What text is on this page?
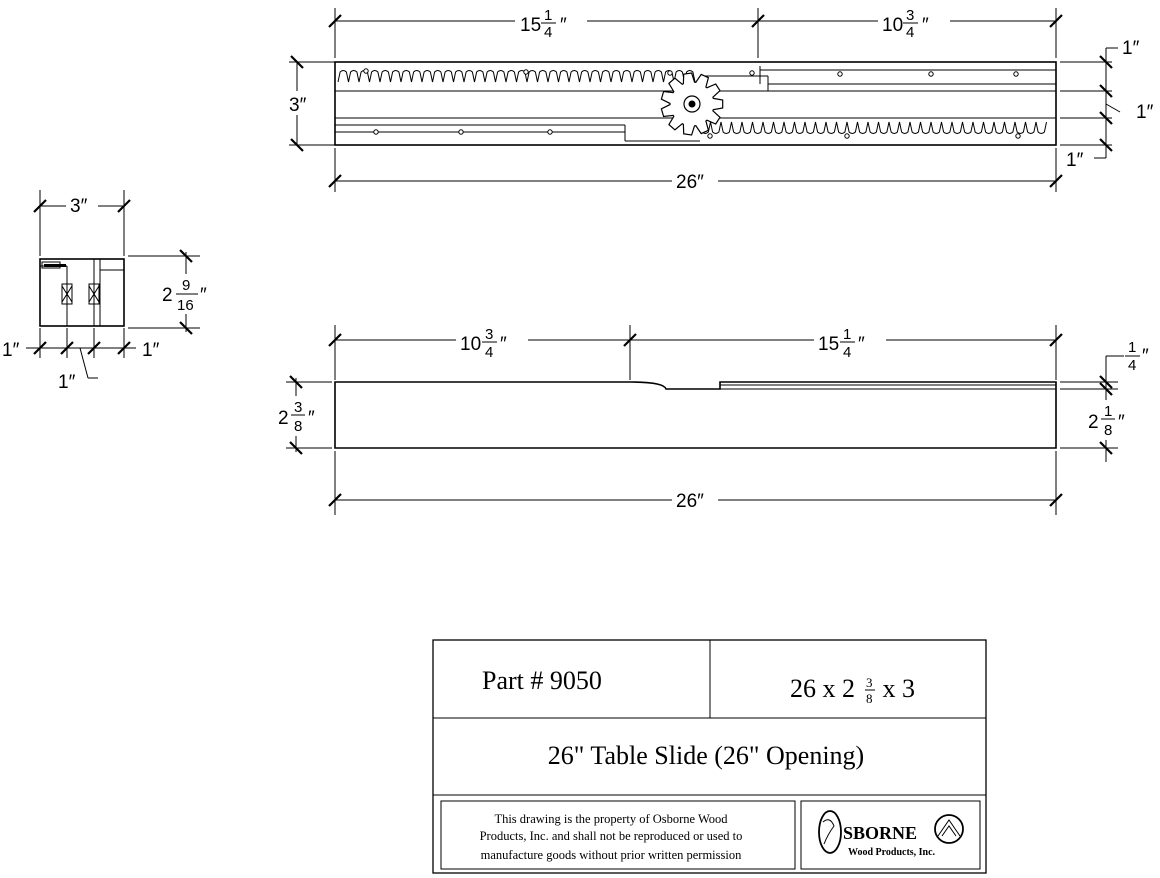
15 1
4 ″	10 3
4 ″
3″
1″
1″
1″
26″
3″
2 9
16 ″
1″	1″
1″
10 3
4 ″	15 1
4 ″
2
3
8 ″
1
4 ″
2
1
8 ″
26″
Part # 9050	26 x 2 3
8 x 3
26" Table Slide (26" Opening)
This drawing is the property of Osborne Wood
Products, Inc. and shall not be reproduced or used to
manufacture goods without prior written permission
SBORNE
Wood Products, Inc.
